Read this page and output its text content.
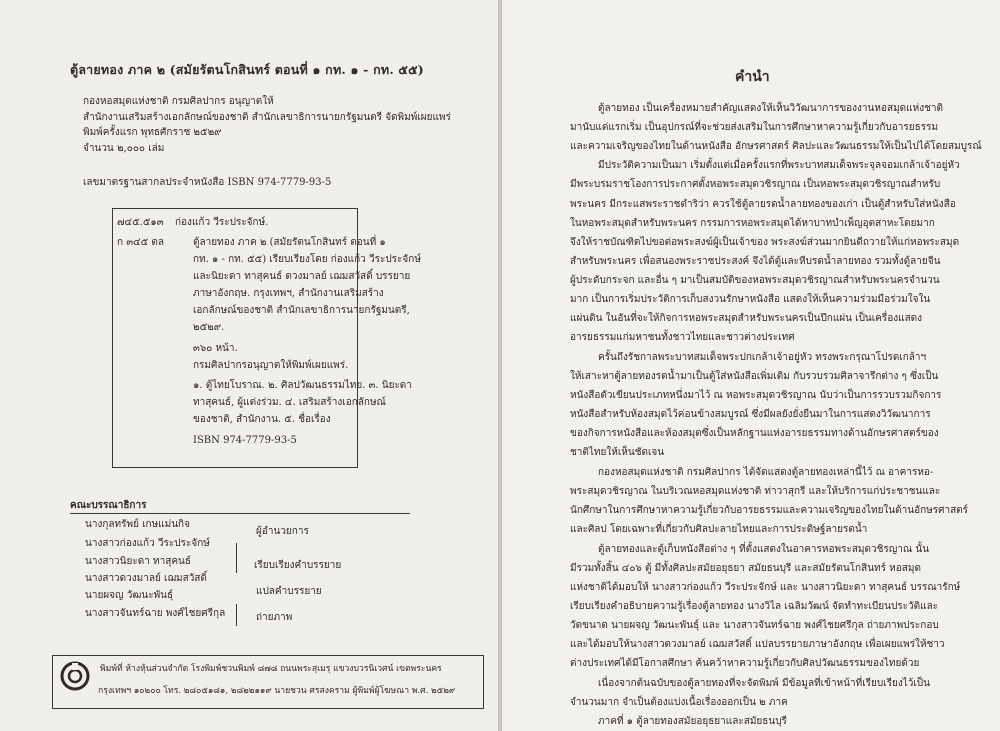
ตู้ลายทอง ภาค ๒ (สมัยรัตนโกสินทร์ ตอนที่ ๑ กท. ๑ - กท. ๕๕)
กองหอสมุดแห่งชาติ กรมศิลปากร อนุญาตให้
สำนักงานเสริมสร้างเอกลักษณ์ของชาติ สำนักเลขาธิการนายกรัฐมนตรี จัดพิมพ์เผยแพร่
พิมพ์ครั้งแรก พุทธศักราช ๒๕๒๙
จำนวน ๒,๐๐๐ เล่ม
เลขมาตรฐานสากลประจำหนังสือ ISBN 974-7779-93-5
๗๔๕.๕๑๓ ก่องแก้ว วีระประจักษ์.
ก ๓๔๕ ตล	ตู้ลายทอง ภาค ๒ (สมัยรัตนโกสินทร์ ตอนที่ ๑
กท. ๑ - กท. ๕๕) เรียบเรียงโดย ก่องแก้ว วีระประจักษ์
และนิยะดา ทาสุคนธ์ ดวงมาลย์ เฌมสวัสดิ์ บรรยาย
ภาษาอังกฤษ. กรุงเทพฯ, สำนักงานเสริมสร้าง
เอกลักษณ์ของชาติ สำนักเลขาธิการนายกรัฐมนตรี,
๒๕๒๙.
๓๖๐ หน้า.
กรมศิลปากรอนุญาตให้พิมพ์เผยแพร่.
๑. ตู้ไทยโบราณ. ๒. ศิลปวัฒนธรรมไทย. ๓. นิยะดา
ทาสุคนธ์, ผู้แต่งร่วม. ๔. เสริมสร้างเอกลักษณ์
ของชาติ, สำนักงาน. ๕. ชื่อเรื่อง
ISBN 974-7779-93-5
คณะบรรณาธิการ
นางกุลทรัพย์ เกษแม่นกิจ
นางสาวก่องแก้ว วีระประจักษ์
นางสาวนิยะดา ทาสุคนธ์
นางสาวดวงมาลย์ เฌมสวัสดิ์
นายผจญ วัฒนะพันธุ์
นางสาวจันทร์ฉาย พงศ์ไชยศรีกุล
ผู้อำนวยการ
เรียบเรียงคำบรรยาย
แปลคำบรรยาย
ถ่ายภาพ
พิมพ์ที่ ห้างหุ้นส่วนจำกัด โรงพิมพ์ชวนพิมพ์ ๘๗๘ ถนนพระสุเมรุ แขวงบวรนิเวศน์ เขตพระนคร
กรุงเทพฯ ๑๐๒๐๐ โทร. ๒๘๐๕๑๘๑, ๒๘๒๒๑๑๙ นายชวน ศรสงคราม ผู้พิมพ์ผู้โฆษณา พ.ศ. ๒๕๒๙
คำนำ
ตู้ลายทอง เป็นเครื่องหมายสำคัญแสดงให้เห็นวิวัฒนาการของงานหอสมุดแห่งชาติ
มานับแต่แรกเริ่ม เป็นอุปกรณ์ที่จะช่วยส่งเสริมในการศึกษาหาความรู้เกี่ยวกับอารยธรรม
และความเจริญของไทยในด้านหนังสือ อักษรศาสตร์ ศิลปะและวัฒนธรรมให้เป็นไปได้โดยสมบูรณ์
มีประวัติความเป็นมา เริ่มตั้งแต่เมื่อครั้งแรกที่พระบาทสมเด็จพระจุลจอมเกล้าเจ้าอยู่หัว
มีพระบรมราชโองการประกาศตั้งหอพระสมุดวชิรญาณ เป็นหอพระสมุดวชิรญาณสำหรับ
พระนคร มีกระแสพระราชดำริว่า ควรใช้ตู้ลายรดน้ำลายทองของเก่า เป็นตู้สำหรับใส่หนังสือ
ในหอพระสมุดสำหรับพระนคร กรรมการหอพระสมุดได้หาบาทบำเพ็ญอุตสาหะโดยมาก
จึงให้ราชบัณฑิตไปขอต่อพระสงฆ์ผู้เป็นเจ้าของ พระสงฆ์ส่วนมากยินดีถวายให้แก่หอพระสมุด
สำหรับพระนคร เพื่อสนองพระราชประสงค์ จึงได้ตู้และหีบรดน้ำลายทอง รวมทั้งตู้ลายจีน
ผู้ประดับกระจก และอื่น ๆ มาเป็นสมบัติของหอพระสมุดวชิรญาณสำหรับพระนครจำนวน
มาก เป็นการเริ่มประวัติการเก็บสงวนรักษาหนังสือ แสดงให้เห็นความร่วมมือร่วมใจใน
แผ่นดิน ในอันที่จะให้กิจการหอพระสมุดสำหรับพระนครเป็นปึกแผ่น เป็นเครื่องแสดง
อารยธรรมแก่มหาชนทั้งชาวไทยและชาวต่างประเทศ
ครั้นถึงรัชกาลพระบาทสมเด็จพระปกเกล้าเจ้าอยู่หัว ทรงพระกรุณาโปรดเกล้าฯ
ให้เสาะหาตู้ลายทองรดน้ำมาเป็นตู้ใส่หนังสือเพิ่มเติม กับรวบรวมศิลาจารึกต่าง ๆ ซึ่งเป็น
หนังสือตัวเขียนประเภทหนึ่งมาไว้ ณ หอพระสมุดวชิรญาณ นับว่าเป็นการรวบรวมกิจการ
หนังสือสำหรับห้องสมุดไว้ค่อนข้างสมบูรณ์ ซึ่งมีผลยังยั่งยืนมาในการแสดงวิวัฒนาการ
ของกิจการหนังสือและห้องสมุดซึ่งเป็นหลักฐานแห่งอารยธรรมทางด้านอักษรศาสตร์ของ
ชาติไทยให้เห็นชัดเจน
กองหอสมุดแห่งชาติ กรมศิลปากร ได้จัดแสดงตู้ลายทองเหล่านี้ไว้ ณ อาคารหอ-
พระสมุดวชิรญาณ ในบริเวณหอสมุดแห่งชาติ ท่าวาสุกรี และให้บริการแก่ประชาชนและ
นักศึกษาในการศึกษาหาความรู้เกี่ยวกับอารยธรรมและความเจริญของไทยในด้านอักษรศาสตร์
และศิลป โดยเฉพาะที่เกี่ยวกับศิลปะลายไทยและการประดิษฐ์ลายรดน้ำ
ตู้ลายทองและตู้เก็บหนังสือต่าง ๆ ที่ตั้งแสดงในอาคารหอพระสมุดวชิรญาณ นั้น
มีรวมทั้งสิ้น ๔๐๖ ตู้ มีทั้งศิลปะสมัยอยุธยา สมัยธนบุรี และสมัยรัตนโกสินทร์ หอสมุด
แห่งชาติได้มอบให้ นางสาวก่องแก้ว วีระประจักษ์ และ นางสาวนิยะดา ทาสุคนธ์ บรรณารักษ์
เรียบเรียงคำอธิบายความรู้เรื่องตู้ลายทอง นางวิไล เฉลิมวัฒน์ จัดทำทะเบียนประวัติและ
วัดขนาด นายผจญ วัฒนะพันธุ์ และ นางสาวจันทร์ฉาย พงศ์ไชยศรีกุล ถ่ายภาพประกอบ
และได้มอบให้นางสาวดวงมาลย์ เฌมสวัสดิ์ แปลบรรยายภาษาอังกฤษ เพื่อเผยแพร่ให้ชาว
ต่างประเทศได้มีโอกาสศึกษา ค้นคว้าหาความรู้เกี่ยวกับศิลปวัฒนธรรมของไทยด้วย
เนื่องจากต้นฉบับของตู้ลายทองที่จะจัดพิมพ์ มีข้อมูลที่เข้าหน้าที่เรียบเรียงไว้เป็น
จำนวนมาก จำเป็นต้องแบ่งเนื้อเรื่องออกเป็น ๒ ภาค
ภาคที่ ๑ ตู้ลายทองสมัยอยุธยาและสมัยธนบุรี
